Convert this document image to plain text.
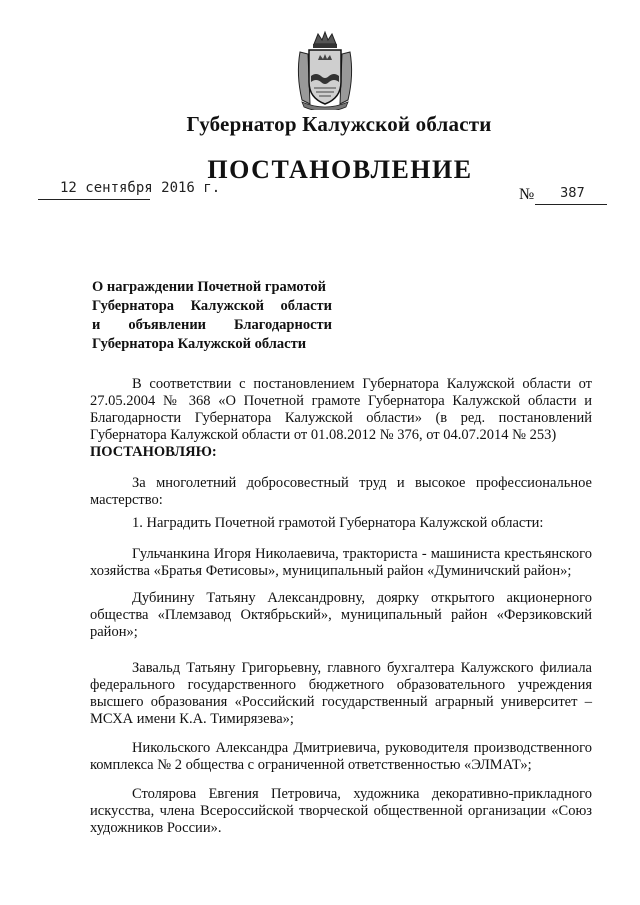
Губернатор Калужской области
ПОСТАНОВЛЕНИЕ
12 сентября 2016 г.	№ 387
О награждении Почетной грамотой
Губернатора Калужской области
и объявлении Благодарности
Губернатора Калужской области
В соответствии с постановлением Губернатора Калужской области от 27.05.2004 № 368 «О Почетной грамоте Губернатора Калужской области и Благодарности Губернатора Калужской области» (в ред. постановлений Губернатора Калужской области от 01.08.2012 № 376, от 04.07.2014 № 253)
ПОСТАНОВЛЯЮ:
За многолетний добросовестный труд и высокое профессиональное мастерство:
1. Наградить Почетной грамотой Губернатора Калужской области:
Гульчанкина Игоря Николаевича, тракториста - машиниста крестьянского хозяйства «Братья Фетисовы», муниципальный район «Думиничский район»;
Дубинину Татьяну Александровну, доярку открытого акционерного общества «Племзавод Октябрьский», муниципальный район «Ферзиковский район»;
Завальд Татьяну Григорьевну, главного бухгалтера Калужского филиала федерального государственного бюджетного образовательного учреждения высшего образования «Российский государственный аграрный университет – МСХА имени К.А. Тимирязева»;
Никольского Александра Дмитриевича, руководителя производственного комплекса № 2 общества с ограниченной ответственностью «ЭЛМАТ»;
Столярова Евгения Петровича, художника декоративно-прикладного искусства, члена Всероссийской творческой общественной организации «Союз художников России».
